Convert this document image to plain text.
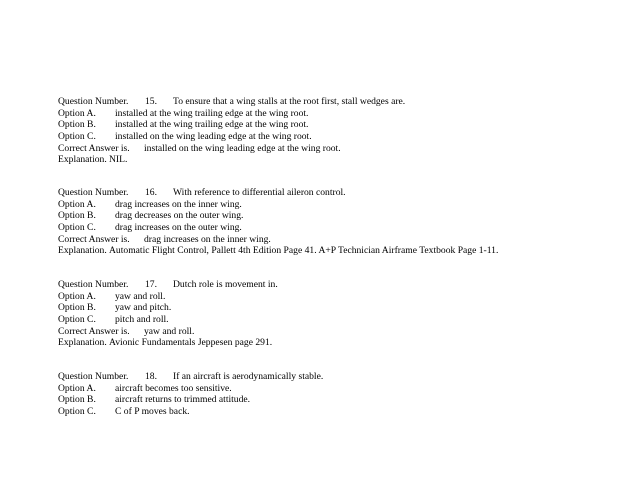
Question Number. 15. To ensure that a wing stalls at the root first, stall wedges are.
Option A. installed at the wing trailing edge at the wing root.
Option B. installed at the wing trailing edge at the wing root.
Option C. installed on the wing leading edge at the wing root.
Correct Answer is. installed on the wing leading edge at the wing root.
Explanation. NIL.
Question Number. 16. With reference to differential aileron control.
Option A. drag increases on the inner wing.
Option B. drag decreases on the outer wing.
Option C. drag increases on the outer wing.
Correct Answer is. drag increases on the inner wing.
Explanation. Automatic Flight Control, Pallett 4th Edition Page 41. A+P Technician Airframe Textbook Page 1-11.
Question Number. 17. Dutch role is movement in.
Option A. yaw and roll.
Option B. yaw and pitch.
Option C. pitch and roll.
Correct Answer is. yaw and roll.
Explanation. Avionic Fundamentals Jeppesen page 291.
Question Number. 18. If an aircraft is aerodynamically stable.
Option A. aircraft becomes too sensitive.
Option B. aircraft returns to trimmed attitude.
Option C. C of P moves back.
